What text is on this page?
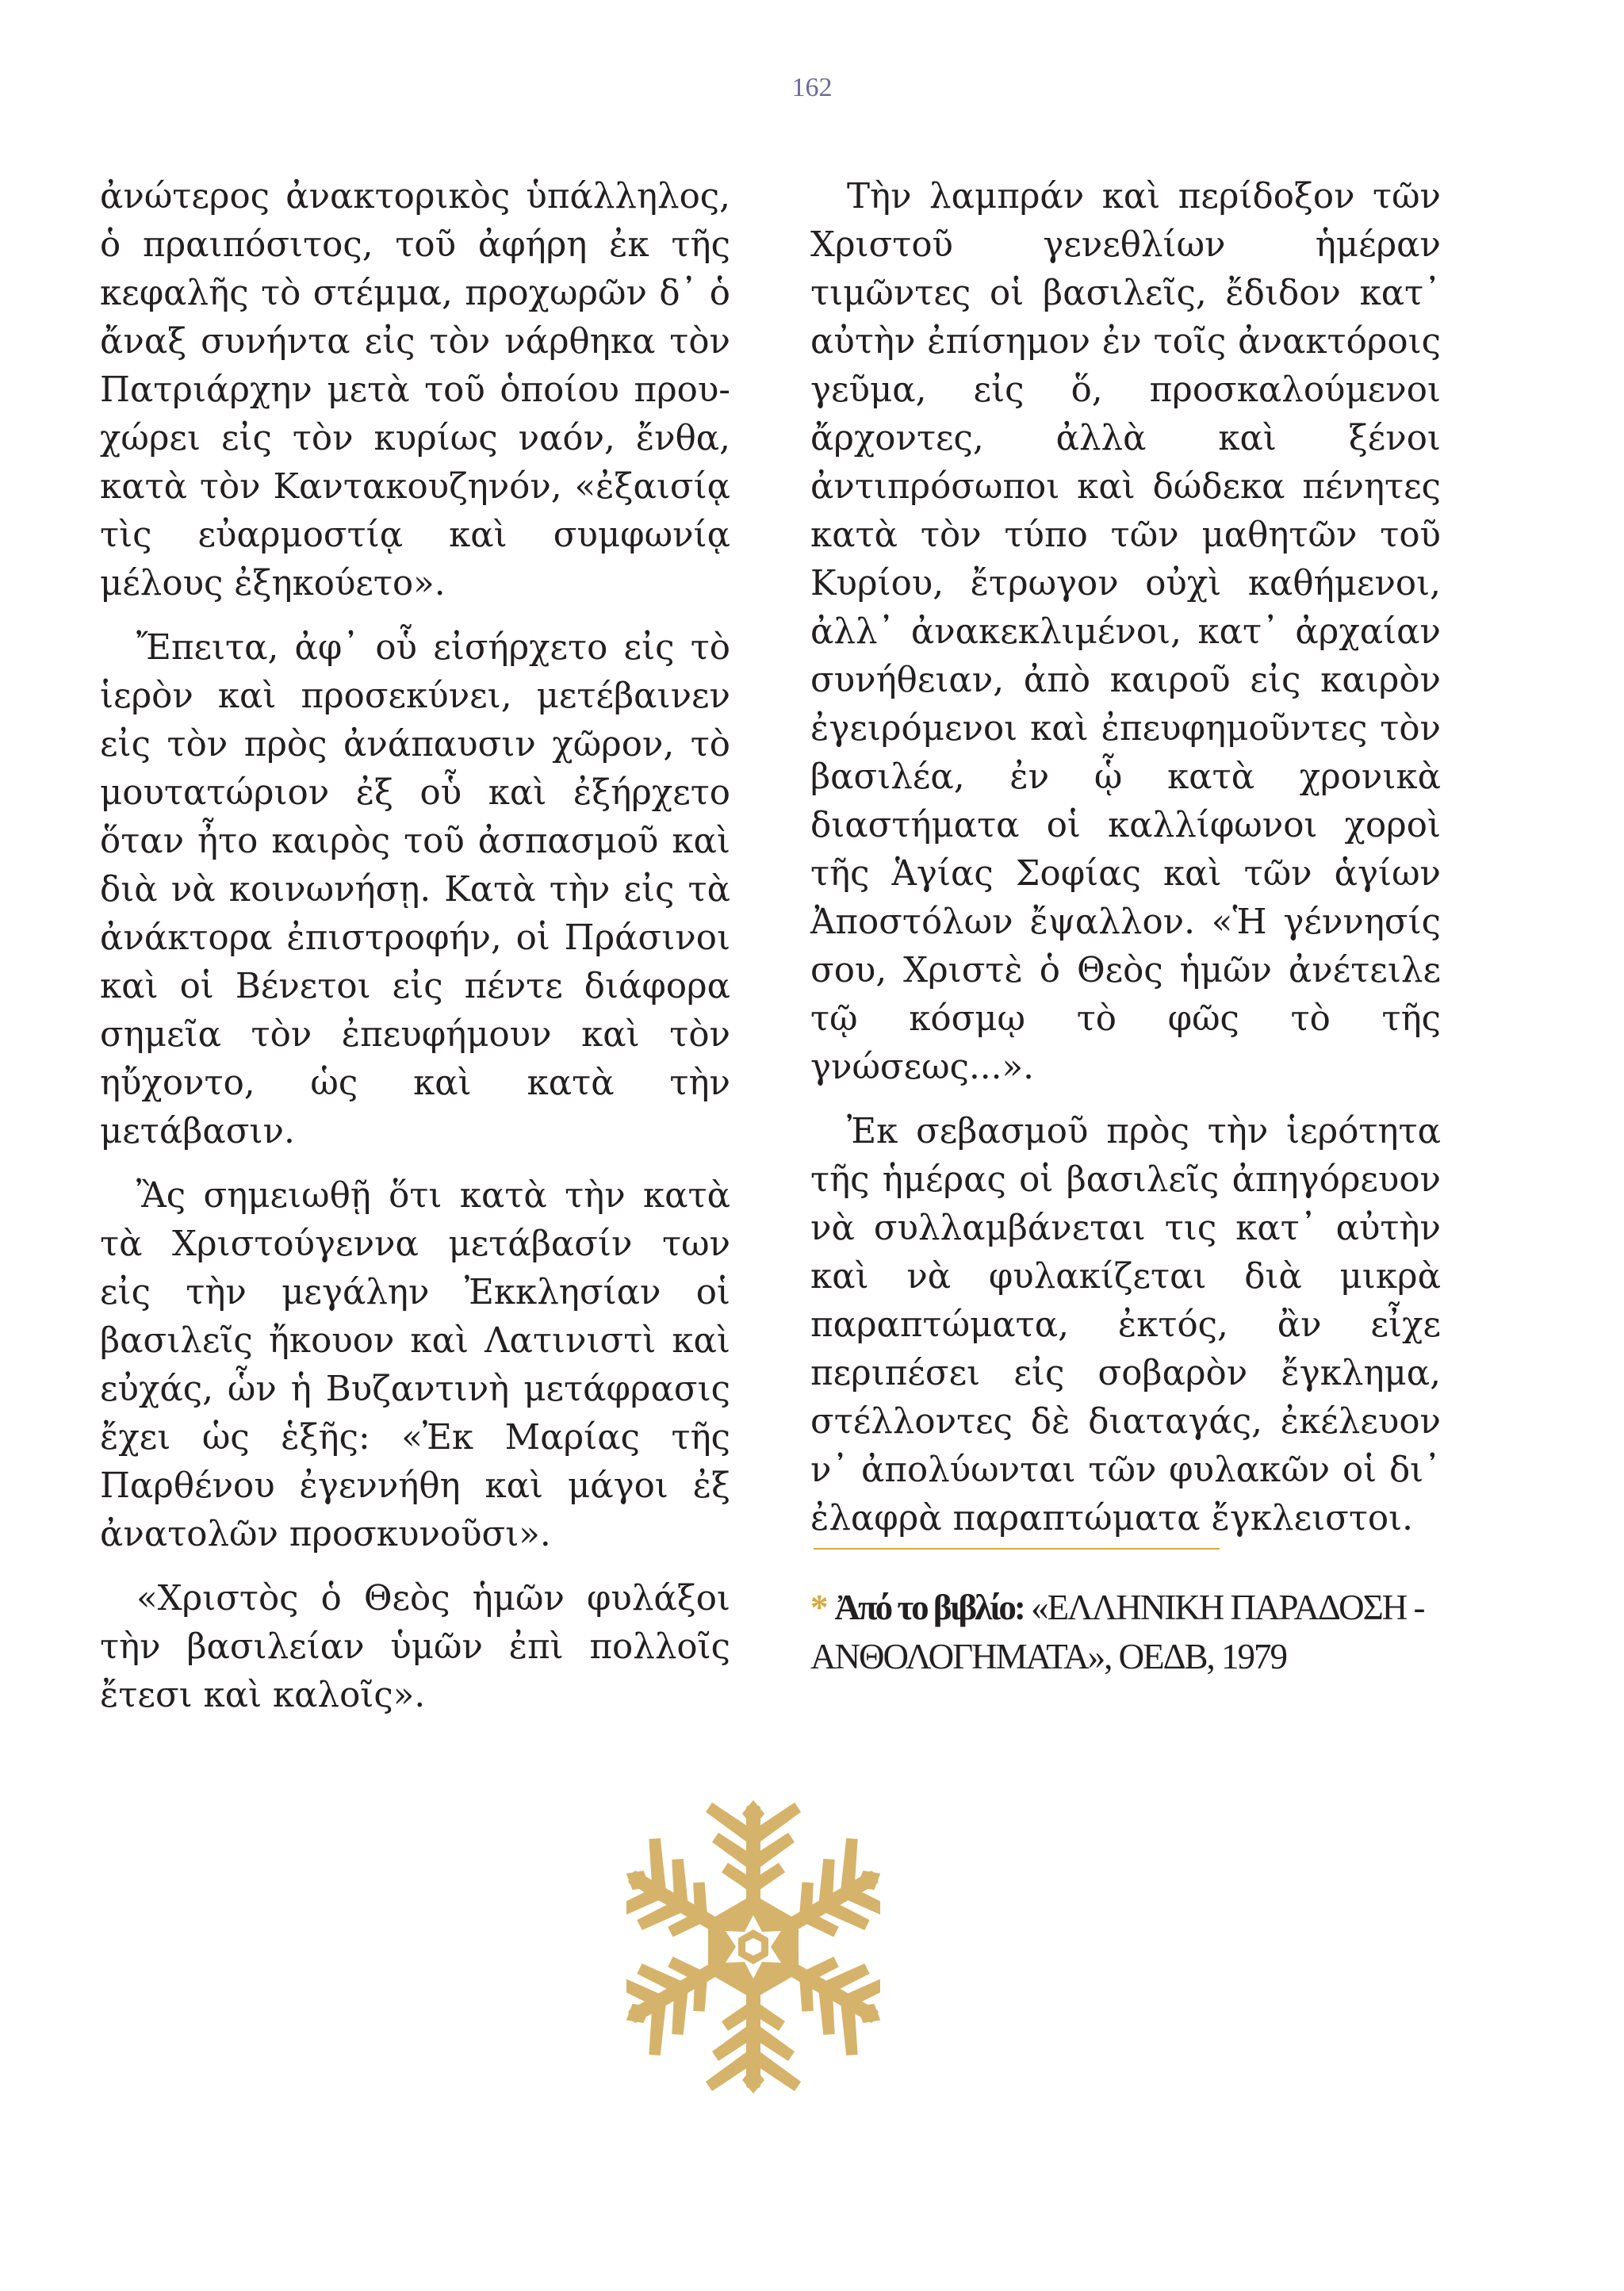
162

ἀνώτερος ἀνακτορικὸς ὑπάλληλος, ὁ πραιπόσιτος, τοῦ ἀφήρη ἐκ τῆς κεφαλῆς τὸ στέμμα, προχωρῶν δ᾽ ὁ ἄναξ συνήντα εἰς τὸν νάρθηκα τὸν Πατριάρχην μετὰ τοῦ ὁποίου προυχώρει εἰς τὸν κυρίως ναόν, ἔνθα, κατὰ τὸν Καντακουζηνόν, «ἐξαισίᾳ τὶς εὐαρμοστίᾳ καὶ συμφωνίᾳ μέλους ἐξηκούετο».

Ἔπειτα, ἀφ᾽ οὗ εἰσήρχετο εἰς τὸ ἱερὸν καὶ προσεκύνει, μετέβαινεν εἰς τὸν πρὸς ἀνάπαυσιν χῶρον, τὸ μουτατώριον ἐξ οὗ καὶ ἐξήρχετο ὅταν ἦτο καιρὸς τοῦ ἀσπασμοῦ καὶ διὰ νὰ κοινωνήσῃ. Κατὰ τὴν εἰς τὰ ἀνάκτορα ἐπιστροφήν, οἱ Πράσινοι καὶ οἱ Βένετοι εἰς πέντε διάφορα σημεῖα τὸν ἐπευφήμουν καὶ τὸν ηὔχοντο, ὡς καὶ κατὰ τὴν μετάβασιν.

Ἂς σημειωθῇ ὅτι κατὰ τὴν κατὰ τὰ Χριστούγεννα μετάβασίν των εἰς τὴν μεγάλην Ἐκκλησίαν οἱ βασιλεῖς ἤκουον καὶ Λατινιστὶ καὶ εὐχάς, ὧν ἡ Βυζαντινὴ μετάφρασις ἔχει ὡς ἑξῆς: «Ἐκ Μαρίας τῆς Παρθένου ἐγεννήθη καὶ μάγοι ἐξ ἀνατολῶν προσκυνοῦσι».

«Χριστὸς ὁ Θεὸς ἡμῶν φυλάξοι τὴν βασιλείαν ὑμῶν ἐπὶ πολλοῖς ἔτεσι καὶ καλοῖς».

Τὴν λαμπράν καὶ περίδοξον τῶν Χριστοῦ γενεθλίων ἡμέραν τιμῶντες οἱ βασιλεῖς, ἔδιδον κατ᾽ αὐτὴν ἐπίσημον ἐν τοῖς ἀνακτόροις γεῦμα, εἰς ὅ, προσκαλούμενοι ἄρχοντες, ἀλλὰ καὶ ξένοι ἀντιπρόσωποι καὶ δώδεκα πένητες κατὰ τὸν τύπο τῶν μαθητῶν τοῦ Κυρίου, ἔτρωγον οὐχὶ καθήμενοι, ἀλλ᾽ ἀνακεκλιμένοι, κατ᾽ ἀρχαίαν συνήθειαν, ἀπὸ καιροῦ εἰς καιρὸν ἐγειρόμενοι καὶ ἐπευφημοῦντες τὸν βασιλέα, ἐν ᾧ κατὰ χρονικὰ διαστήματα οἱ καλλίφωνοι χοροὶ τῆς Ἁγίας Σοφίας καὶ τῶν ἁγίων Ἀποστόλων ἔψαλλον. «Ἡ γέννησίς σου, Χριστὲ ὁ Θεὸς ἡμῶν ἀνέτειλε τῷ κόσμῳ τὸ φῶς τὸ τῆς γνώσεως...».

Ἐκ σεβασμοῦ πρὸς τὴν ἱερότητα τῆς ἡμέρας οἱ βασιλεῖς ἀπηγόρευον νὰ συλλαμβάνεται τις κατ᾽ αὐτὴν καὶ νὰ φυλακίζεται διὰ μικρὰ παραπτώματα, ἐκτός, ἂν εἶχε περιπέσει εἰς σοβαρὸν ἔγκλημα, στέλλοντες δὲ διαταγάς, ἐκέλευον ν᾽ ἀπολύωνται τῶν φυλακῶν οἱ δι᾽ ἐλαφρὰ παραπτώματα ἔγκλειστοι.

* Ἀπό το βιβλίο: «ΕΛΛΗΝΙΚΗ ΠΑΡΑΔΟΣΗ - ΑΝΘΟΛΟΓΗΜΑΤΑ», ΟΕΔΒ, 1979
